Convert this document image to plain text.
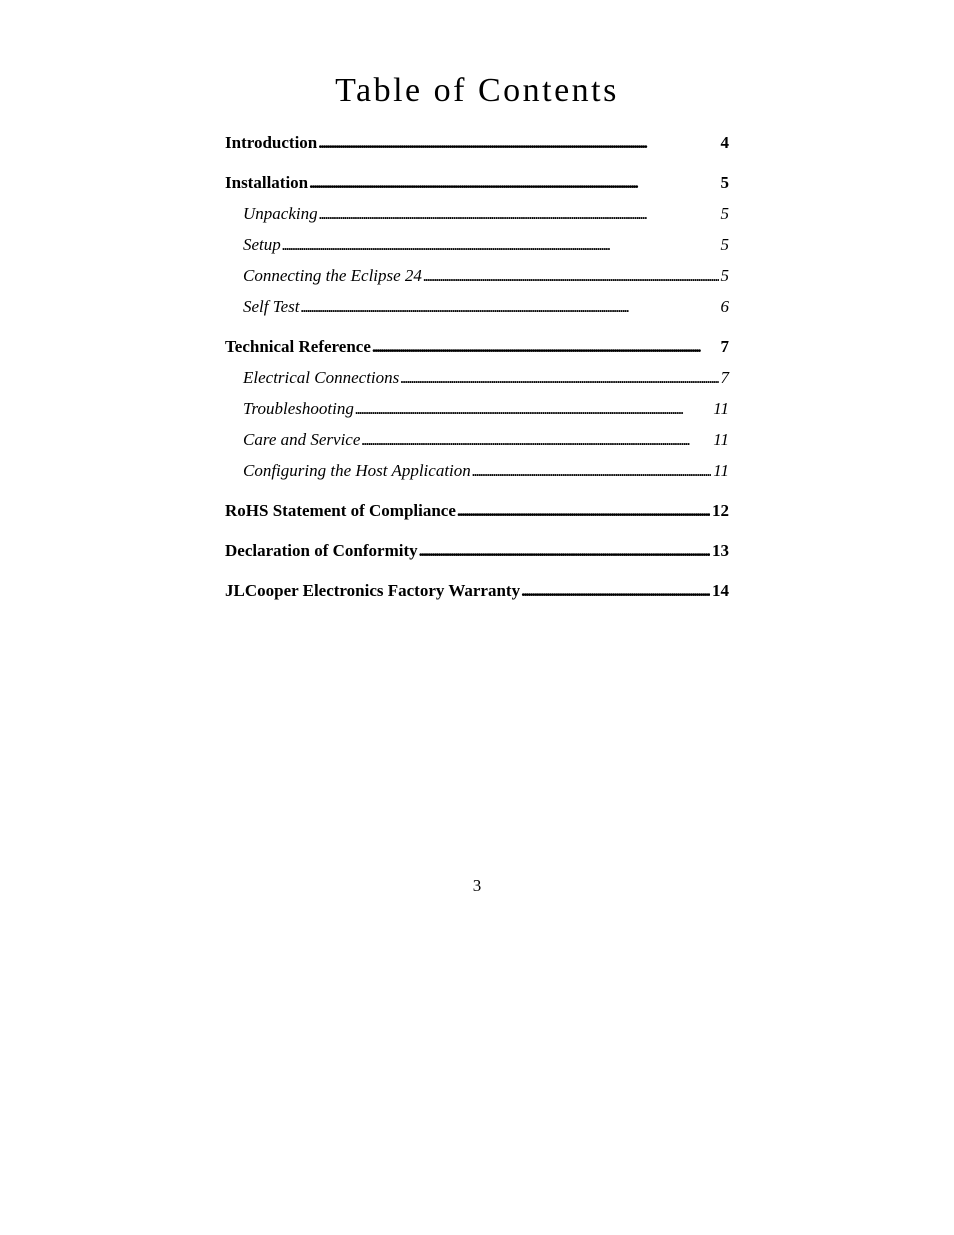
Table of Contents
Introduction . . .	4
Installation . . .	5
Unpacking . . .	5
Setup . . .	5
Connecting the Eclipse 24 . . .	5
Self Test . . .	6
Technical Reference . . .	7
Electrical Connections . . .	7
Troubleshooting . . .	11
Care and Service . . .	11
Configuring the Host Application . . .	11
RoHS Statement of Compliance . . .	12
Declaration of Conformity . . .	13
JLCooper Electronics Factory Warranty . . .	14
3
